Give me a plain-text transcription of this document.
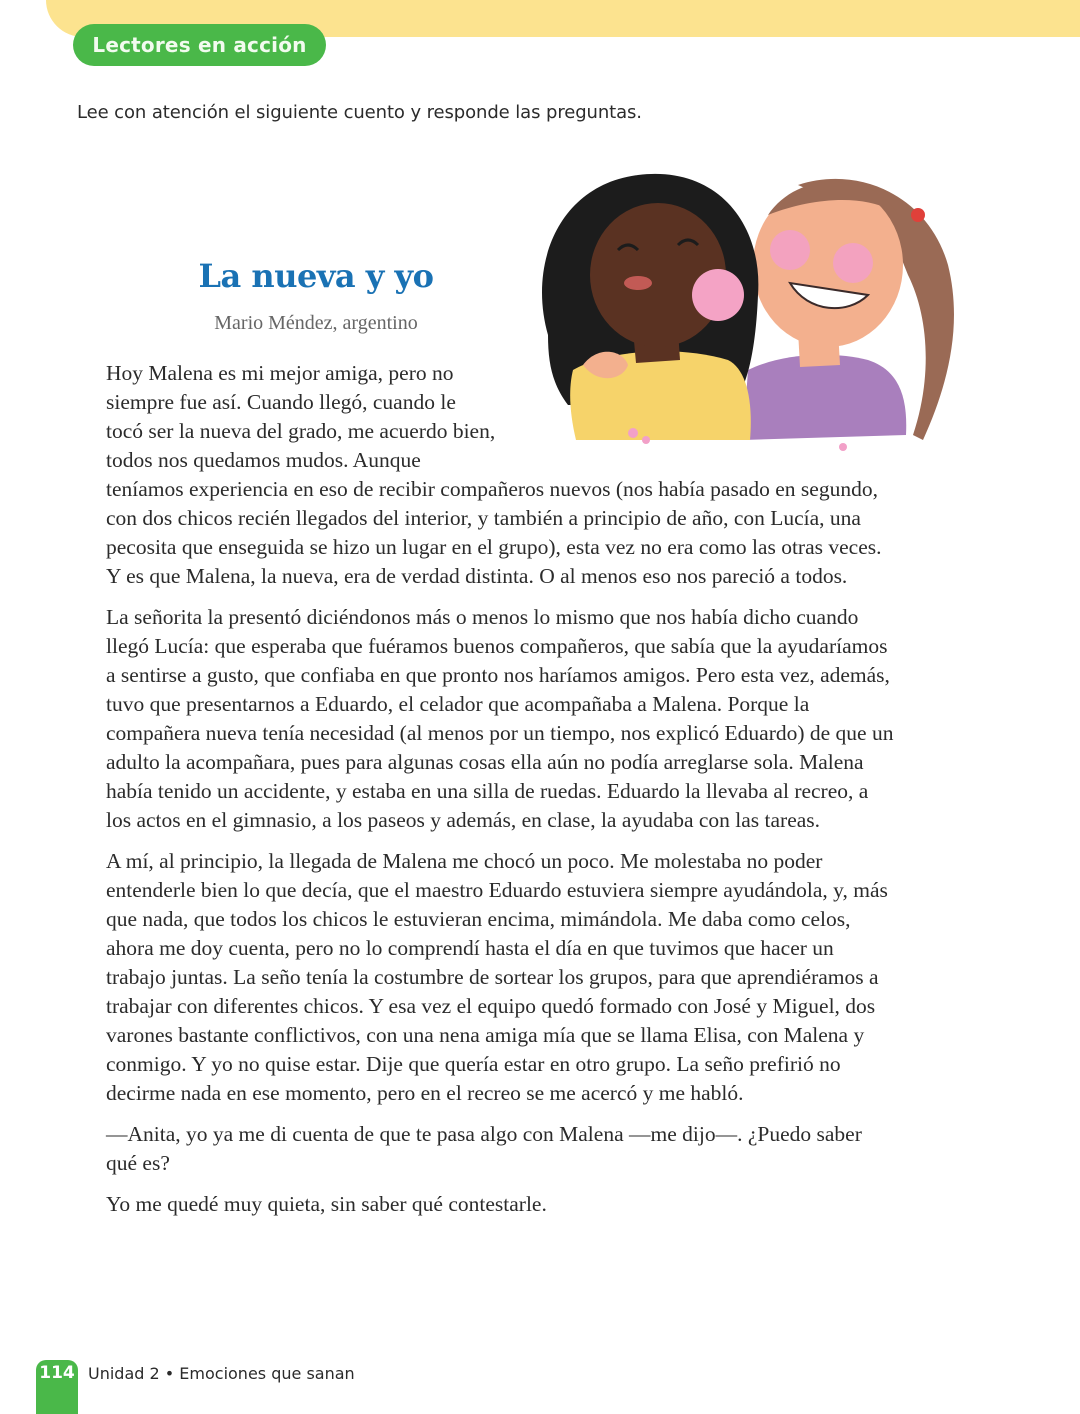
Lectores en acción
Lee con atención el siguiente cuento y responde las preguntas.
La nueva y yo
Mario Méndez, argentino

Hoy Malena es mi mejor amiga, pero no siempre fue así. Cuando llegó, cuando le tocó ser la nueva del grado, me acuerdo bien, todos nos quedamos mudos. Aunque teníamos experiencia en eso de recibir compañeros nuevos (nos había pasado en segundo, con dos chicos recién llegados del interior, y también a principio de año, con Lucía, una pecosita que enseguida se hizo un lugar en el grupo), esta vez no era como las otras veces. Y es que Malena, la nueva, era de verdad distinta. O al menos eso nos pareció a todos.

La señorita la presentó diciéndonos más o menos lo mismo que nos había dicho cuando llegó Lucía: que esperaba que fuéramos buenos compañeros, que sabía que la ayudaríamos a sentirse a gusto, que confiaba en que pronto nos haríamos amigos. Pero esta vez, además, tuvo que presentarnos a Eduardo, el celador que acompañaba a Malena. Porque la compañera nueva tenía necesidad (al menos por un tiempo, nos explicó Eduardo) de que un adulto la acompañara, pues para algunas cosas ella aún no podía arreglarse sola. Malena había tenido un accidente, y estaba en una silla de ruedas. Eduardo la llevaba al recreo, a los actos en el gimnasio, a los paseos y además, en clase, la ayudaba con las tareas.

A mí, al principio, la llegada de Malena me chocó un poco. Me molestaba no poder entenderle bien lo que decía, que el maestro Eduardo estuviera siempre ayudándola, y, más que nada, que todos los chicos le estuvieran encima, mimándola. Me daba como celos, ahora me doy cuenta, pero no lo comprendí hasta el día en que tuvimos que hacer un trabajo juntas. La seño tenía la costumbre de sortear los grupos, para que aprendiéramos a trabajar con diferentes chicos. Y esa vez el equipo quedó formado con José y Miguel, dos varones bastante conflictivos, con una nena amiga mía que se llama Elisa, con Malena y conmigo. Y yo no quise estar. Dije que quería estar en otro grupo. La seño prefirió no decirme nada en ese momento, pero en el recreo se me acercó y me habló.

—Anita, yo ya me di cuenta de que te pasa algo con Malena —me dijo—. ¿Puedo saber qué es?

Yo me quedé muy quieta, sin saber qué contestarle.

114 Unidad 2 • Emociones que sanan
